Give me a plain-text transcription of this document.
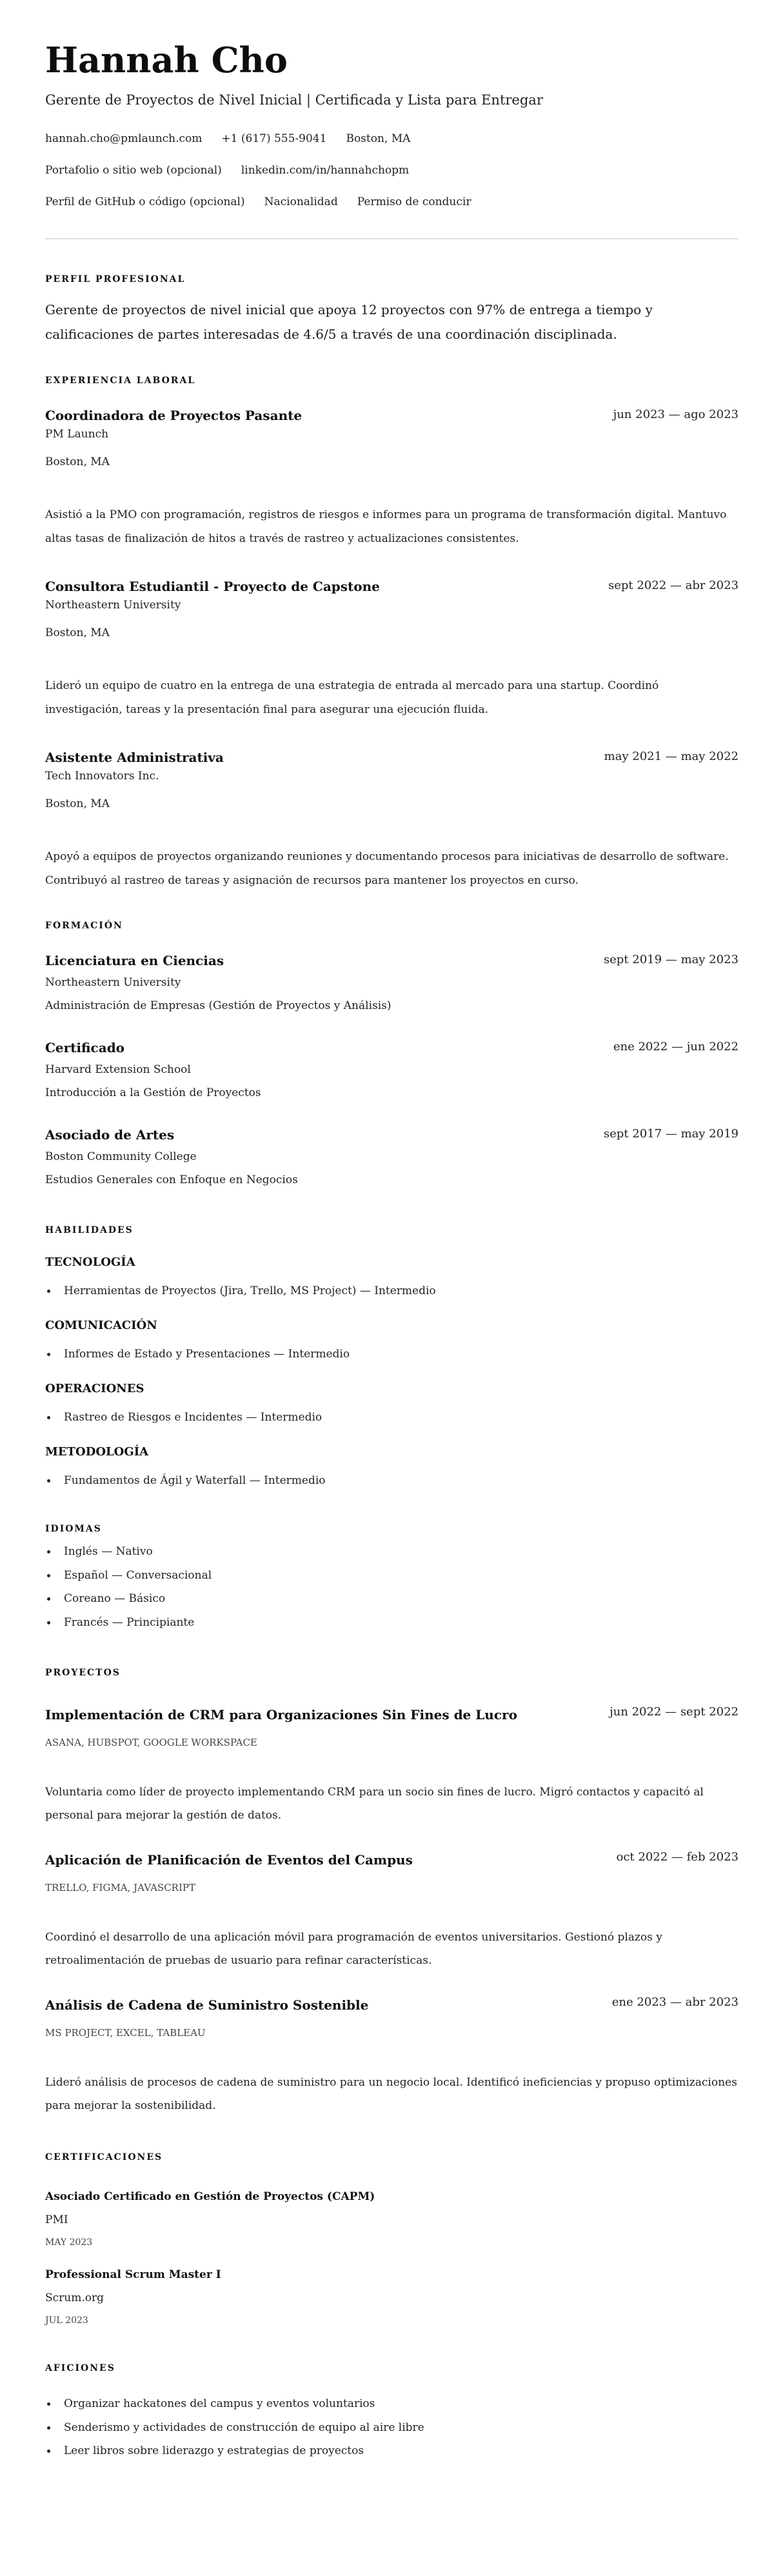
Hannah Cho
Gerente de Proyectos de Nivel Inicial | Certificada y Lista para Entregar
hannah.cho@pmlaunch.com +1 (617) 555-9041 Boston, MA
Portafolio o sitio web (opcional) linkedin.com/in/hannahchopm
Perfil de GitHub o código (opcional) Nacionalidad Permiso de conducir
PERFIL PROFESIONAL
Gerente de proyectos de nivel inicial que apoya 12 proyectos con 97% de entrega a tiempo y calificaciones de partes interesadas de 4.6/5 a través de una coordinación disciplinada.
EXPERIENCIA LABORAL
Coordinadora de Proyectos Pasante	jun 2023 — ago 2023
PM Launch
Boston, MA
Asistió a la PMO con programación, registros de riesgos e informes para un programa de transformación digital. Mantuvo altas tasas de finalización de hitos a través de rastreo y actualizaciones consistentes.
Consultora Estudiantil - Proyecto de Capstone	sept 2022 — abr 2023
Northeastern University
Boston, MA
Lideró un equipo de cuatro en la entrega de una estrategia de entrada al mercado para una startup. Coordinó investigación, tareas y la presentación final para asegurar una ejecución fluida.
Asistente Administrativa	may 2021 — may 2022
Tech Innovators Inc.
Boston, MA
Apoyó a equipos de proyectos organizando reuniones y documentando procesos para iniciativas de desarrollo de software. Contribuyó al rastreo de tareas y asignación de recursos para mantener los proyectos en curso.
FORMACIÓN
Licenciatura en Ciencias	sept 2019 — may 2023
Northeastern University
Administración de Empresas (Gestión de Proyectos y Análisis)
Certificado	ene 2022 — jun 2022
Harvard Extension School
Introducción a la Gestión de Proyectos
Asociado de Artes	sept 2017 — may 2019
Boston Community College
Estudios Generales con Enfoque en Negocios
HABILIDADES
TECNOLOGÍA
Herramientas de Proyectos (Jira, Trello, MS Project) — Intermedio
COMUNICACIÓN
Informes de Estado y Presentaciones — Intermedio
OPERACIONES
Rastreo de Riesgos e Incidentes — Intermedio
METODOLOGÍA
Fundamentos de Ágil y Waterfall — Intermedio
IDIOMAS
Inglés — Nativo
Español — Conversacional
Coreano — Básico
Francés — Principiante
PROYECTOS
Implementación de CRM para Organizaciones Sin Fines de Lucro	jun 2022 — sept 2022
ASANA, HUBSPOT, GOOGLE WORKSPACE
Voluntaria como líder de proyecto implementando CRM para un socio sin fines de lucro. Migró contactos y capacitó al personal para mejorar la gestión de datos.
Aplicación de Planificación de Eventos del Campus	oct 2022 — feb 2023
TRELLO, FIGMA, JAVASCRIPT
Coordinó el desarrollo de una aplicación móvil para programación de eventos universitarios. Gestionó plazos y retroalimentación de pruebas de usuario para refinar características.
Análisis de Cadena de Suministro Sostenible	ene 2023 — abr 2023
MS PROJECT, EXCEL, TABLEAU
Lideró análisis de procesos de cadena de suministro para un negocio local. Identificó ineficiencias y propuso optimizaciones para mejorar la sostenibilidad.
CERTIFICACIONES
Asociado Certificado en Gestión de Proyectos (CAPM)
PMI
MAY 2023
Professional Scrum Master I
Scrum.org
JUL 2023
AFICIONES
Organizar hackatones del campus y eventos voluntarios
Senderismo y actividades de construcción de equipo al aire libre
Leer libros sobre liderazgo y estrategias de proyectos
